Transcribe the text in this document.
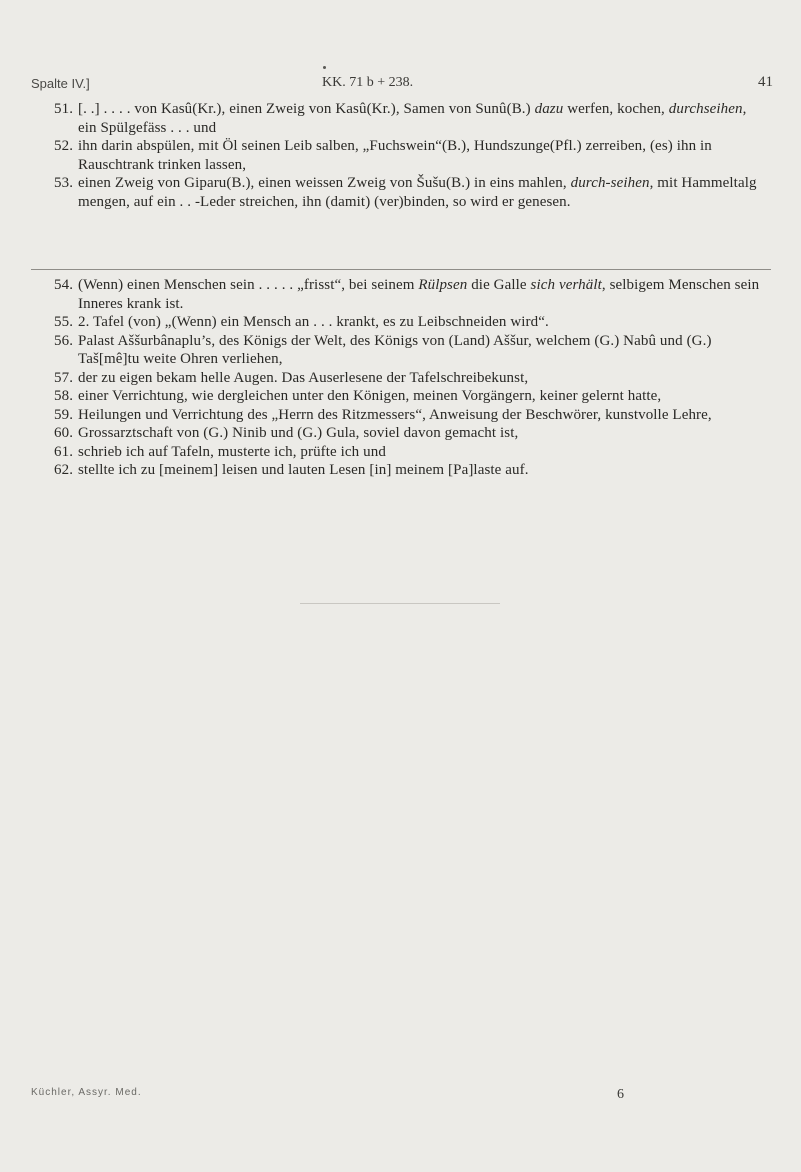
Spalte IV.]	KK. 71 b + 238.	41
51. [. .] . . . . von Kasû(Kr.), einen Zweig von Kasû(Kr.), Samen von Sunû(B.) dazu werfen, kochen, durchseihen, ein Spülgefäss . . . und
52. ihn darin abspülen, mit Öl seinen Leib salben, „Fuchswein“(B.), Hundszunge(Pfl.) zerreiben, (es) ihn in Rauschtrank trinken lassen,
53. einen Zweig von Giparu(B.), einen weissen Zweig von Šušu(B.) in eins mahlen, durch-seihen, mit Hammeltalg mengen, auf ein . . -Leder streichen, ihn (damit) (ver)binden, so wird er genesen.
54. (Wenn) einen Menschen sein . . . . . „frisst“, bei seinem Rülpsen die Galle sich verhält, selbigem Menschen sein Inneres krank ist.
55. 2. Tafel (von) „(Wenn) ein Mensch an . . . krankt, es zu Leibschneiden wird“.
56. Palast Aššurbânaplu’s, des Königs der Welt, des Königs von (Land) Aššur, welchem (G.) Nabû und (G.) Taš[mê]tu weite Ohren verliehen,
57. der zu eigen bekam helle Augen. Das Auserlesene der Tafelschreibekunst,
58. einer Verrichtung, wie dergleichen unter den Königen, meinen Vorgängern, keiner gelernt hatte,
59. Heilungen und Verrichtung des „Herrn des Ritzmessers“, Anweisung der Beschwörer, kunstvolle Lehre,
60. Grossarztschaft von (G.) Ninib und (G.) Gula, soviel davon gemacht ist,
61. schrieb ich auf Tafeln, musterte ich, prüfte ich und
62. stellte ich zu [meinem] leisen und lauten Lesen [in] meinem [Pa]laste auf.
Küchler, Assyr. Med.	6
